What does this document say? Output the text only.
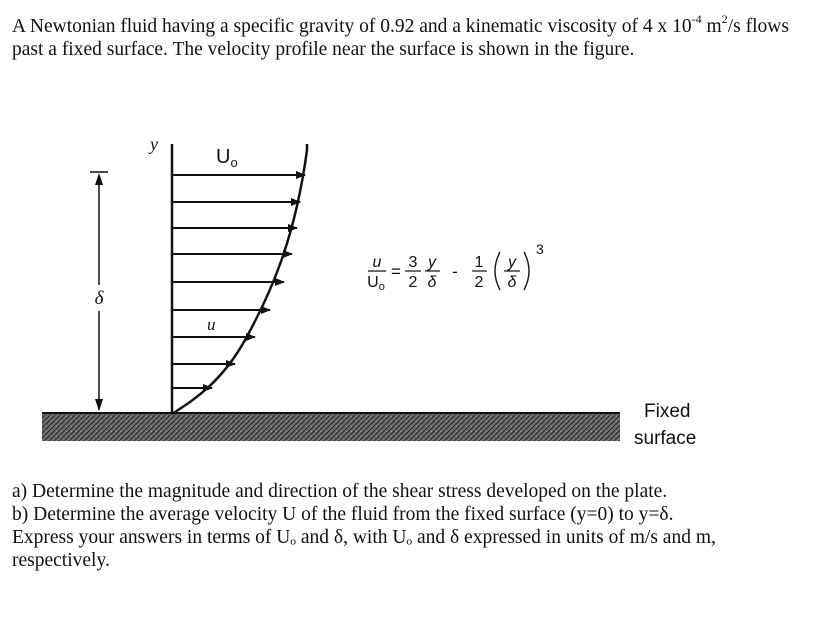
A Newtonian fluid having a specific gravity of 0.92 and a kinematic viscosity of 4 x $10^{-4}$ $m^2/s$ flows past a fixed surface. The velocity profile near the surface is shown in the figure.

y
$U_o$
u
δ
u
Uo
= 3
2
y
δ
- 1
2
y
δ
3
Fixed
surface
a) Determine the magnitude and direction of the shear stress developed on the plate.
b) Determine the average velocity U of the fluid from the fixed surface (y=0) to y=δ.
Express your answers in terms of Uₒ and δ, with Uₒ and δ expressed in units of m/s and m, respectively.
